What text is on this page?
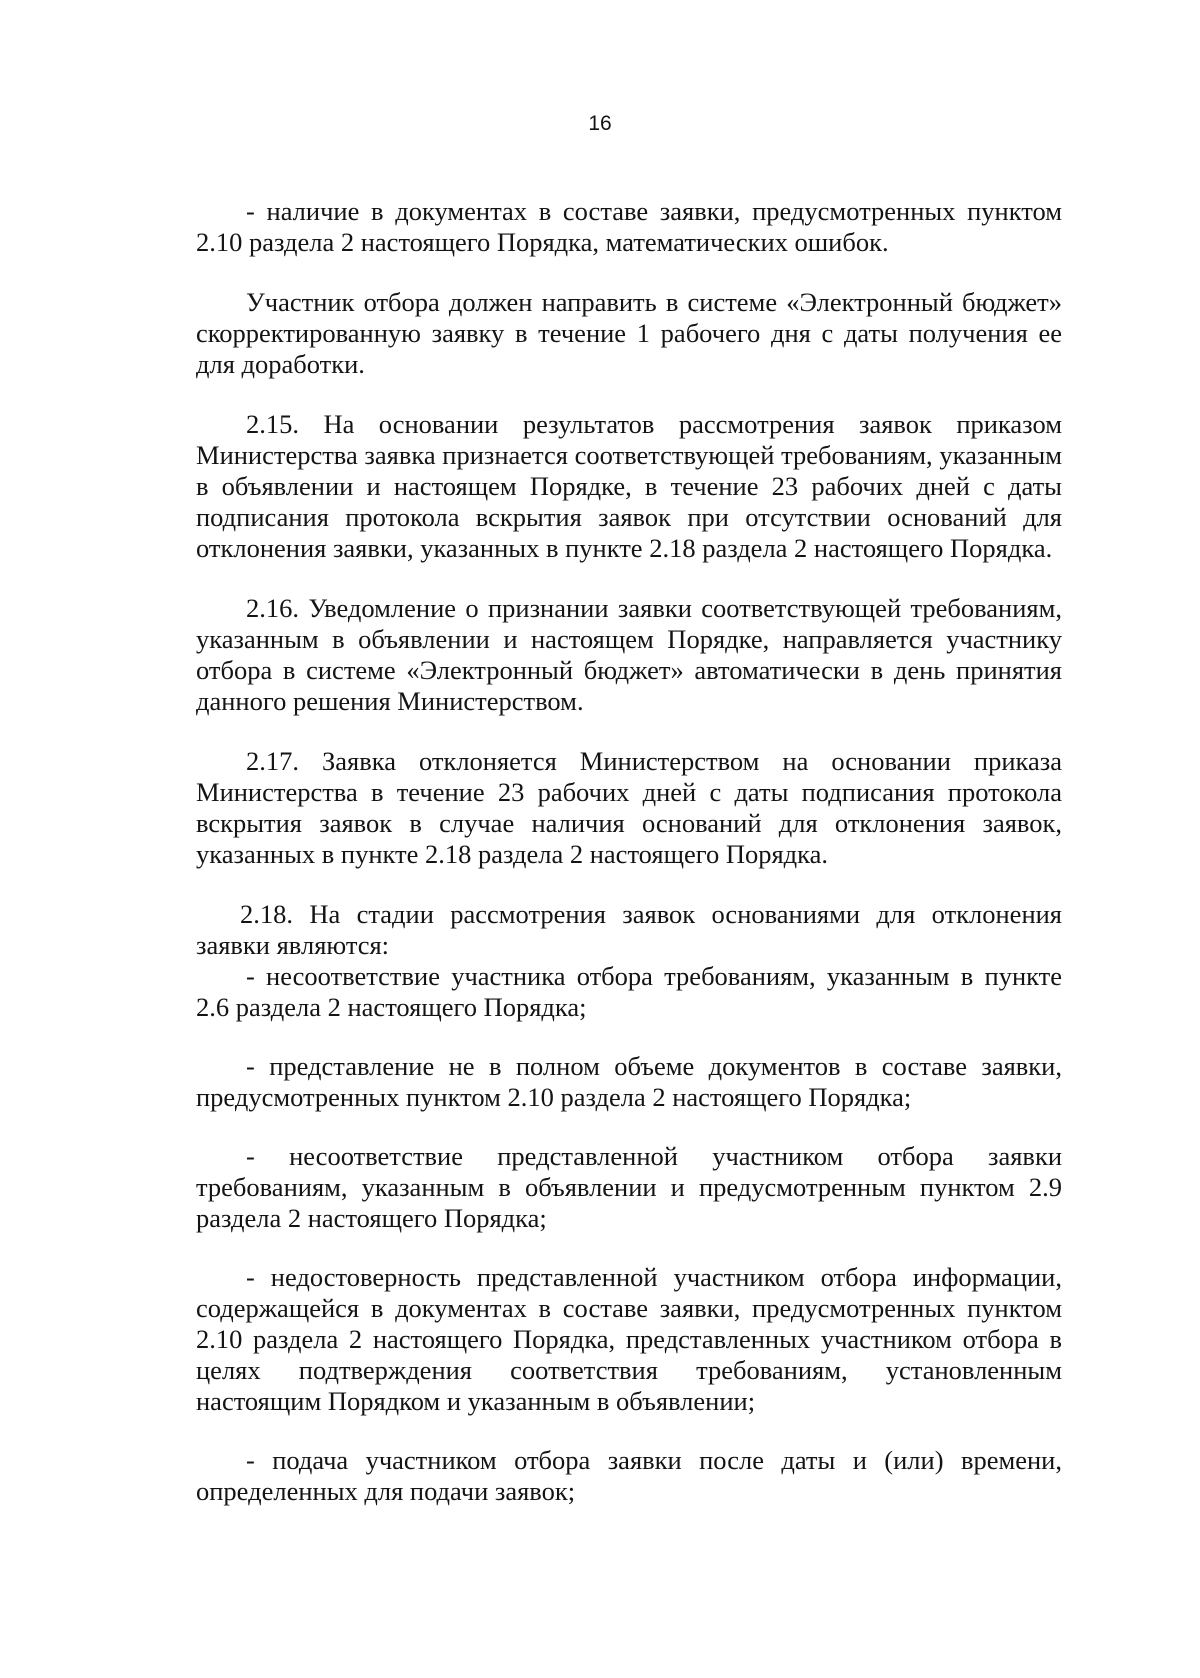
16

- наличие в документах в составе заявки, предусмотренных пунктом 2.10 раздела 2 настоящего Порядка, математических ошибок.

Участник отбора должен направить в системе «Электронный бюджет» скорректированную заявку в течение 1 рабочего дня с даты получения ее для доработки.

2.15. На основании результатов рассмотрения заявок приказом Министерства заявка признается соответствующей требованиям, указанным в объявлении и настоящем Порядке, в течение 23 рабочих дней с даты подписания протокола вскрытия заявок при отсутствии оснований для отклонения заявки, указанных в пункте 2.18 раздела 2 настоящего Порядка.

2.16. Уведомление о признании заявки соответствующей требованиям, указанным в объявлении и настоящем Порядке, направляется участнику отбора в системе «Электронный бюджет» автоматически в день принятия данного решения Министерством.

2.17. Заявка отклоняется Министерством на основании приказа Министерства в течение 23 рабочих дней с даты подписания протокола вскрытия заявок в случае наличия оснований для отклонения заявок, указанных в пункте 2.18 раздела 2 настоящего Порядка.

2.18. На стадии рассмотрения заявок основаниями для отклонения заявки являются:

- несоответствие участника отбора требованиям, указанным в пункте 2.6 раздела 2 настоящего Порядка;

- представление не в полном объеме документов в составе заявки, предусмотренных пунктом 2.10 раздела 2 настоящего Порядка;

- несоответствие представленной участником отбора заявки требованиям, указанным в объявлении и предусмотренным пунктом 2.9 раздела 2 настоящего Порядка;

- недостоверность представленной участником отбора информации, содержащейся в документах в составе заявки, предусмотренных пунктом 2.10 раздела 2 настоящего Порядка, представленных участником отбора в целях подтверждения соответствия требованиям, установленным настоящим Порядком и указанным в объявлении;

- подача участником отбора заявки после даты и (или) времени, определенных для подачи заявок;
